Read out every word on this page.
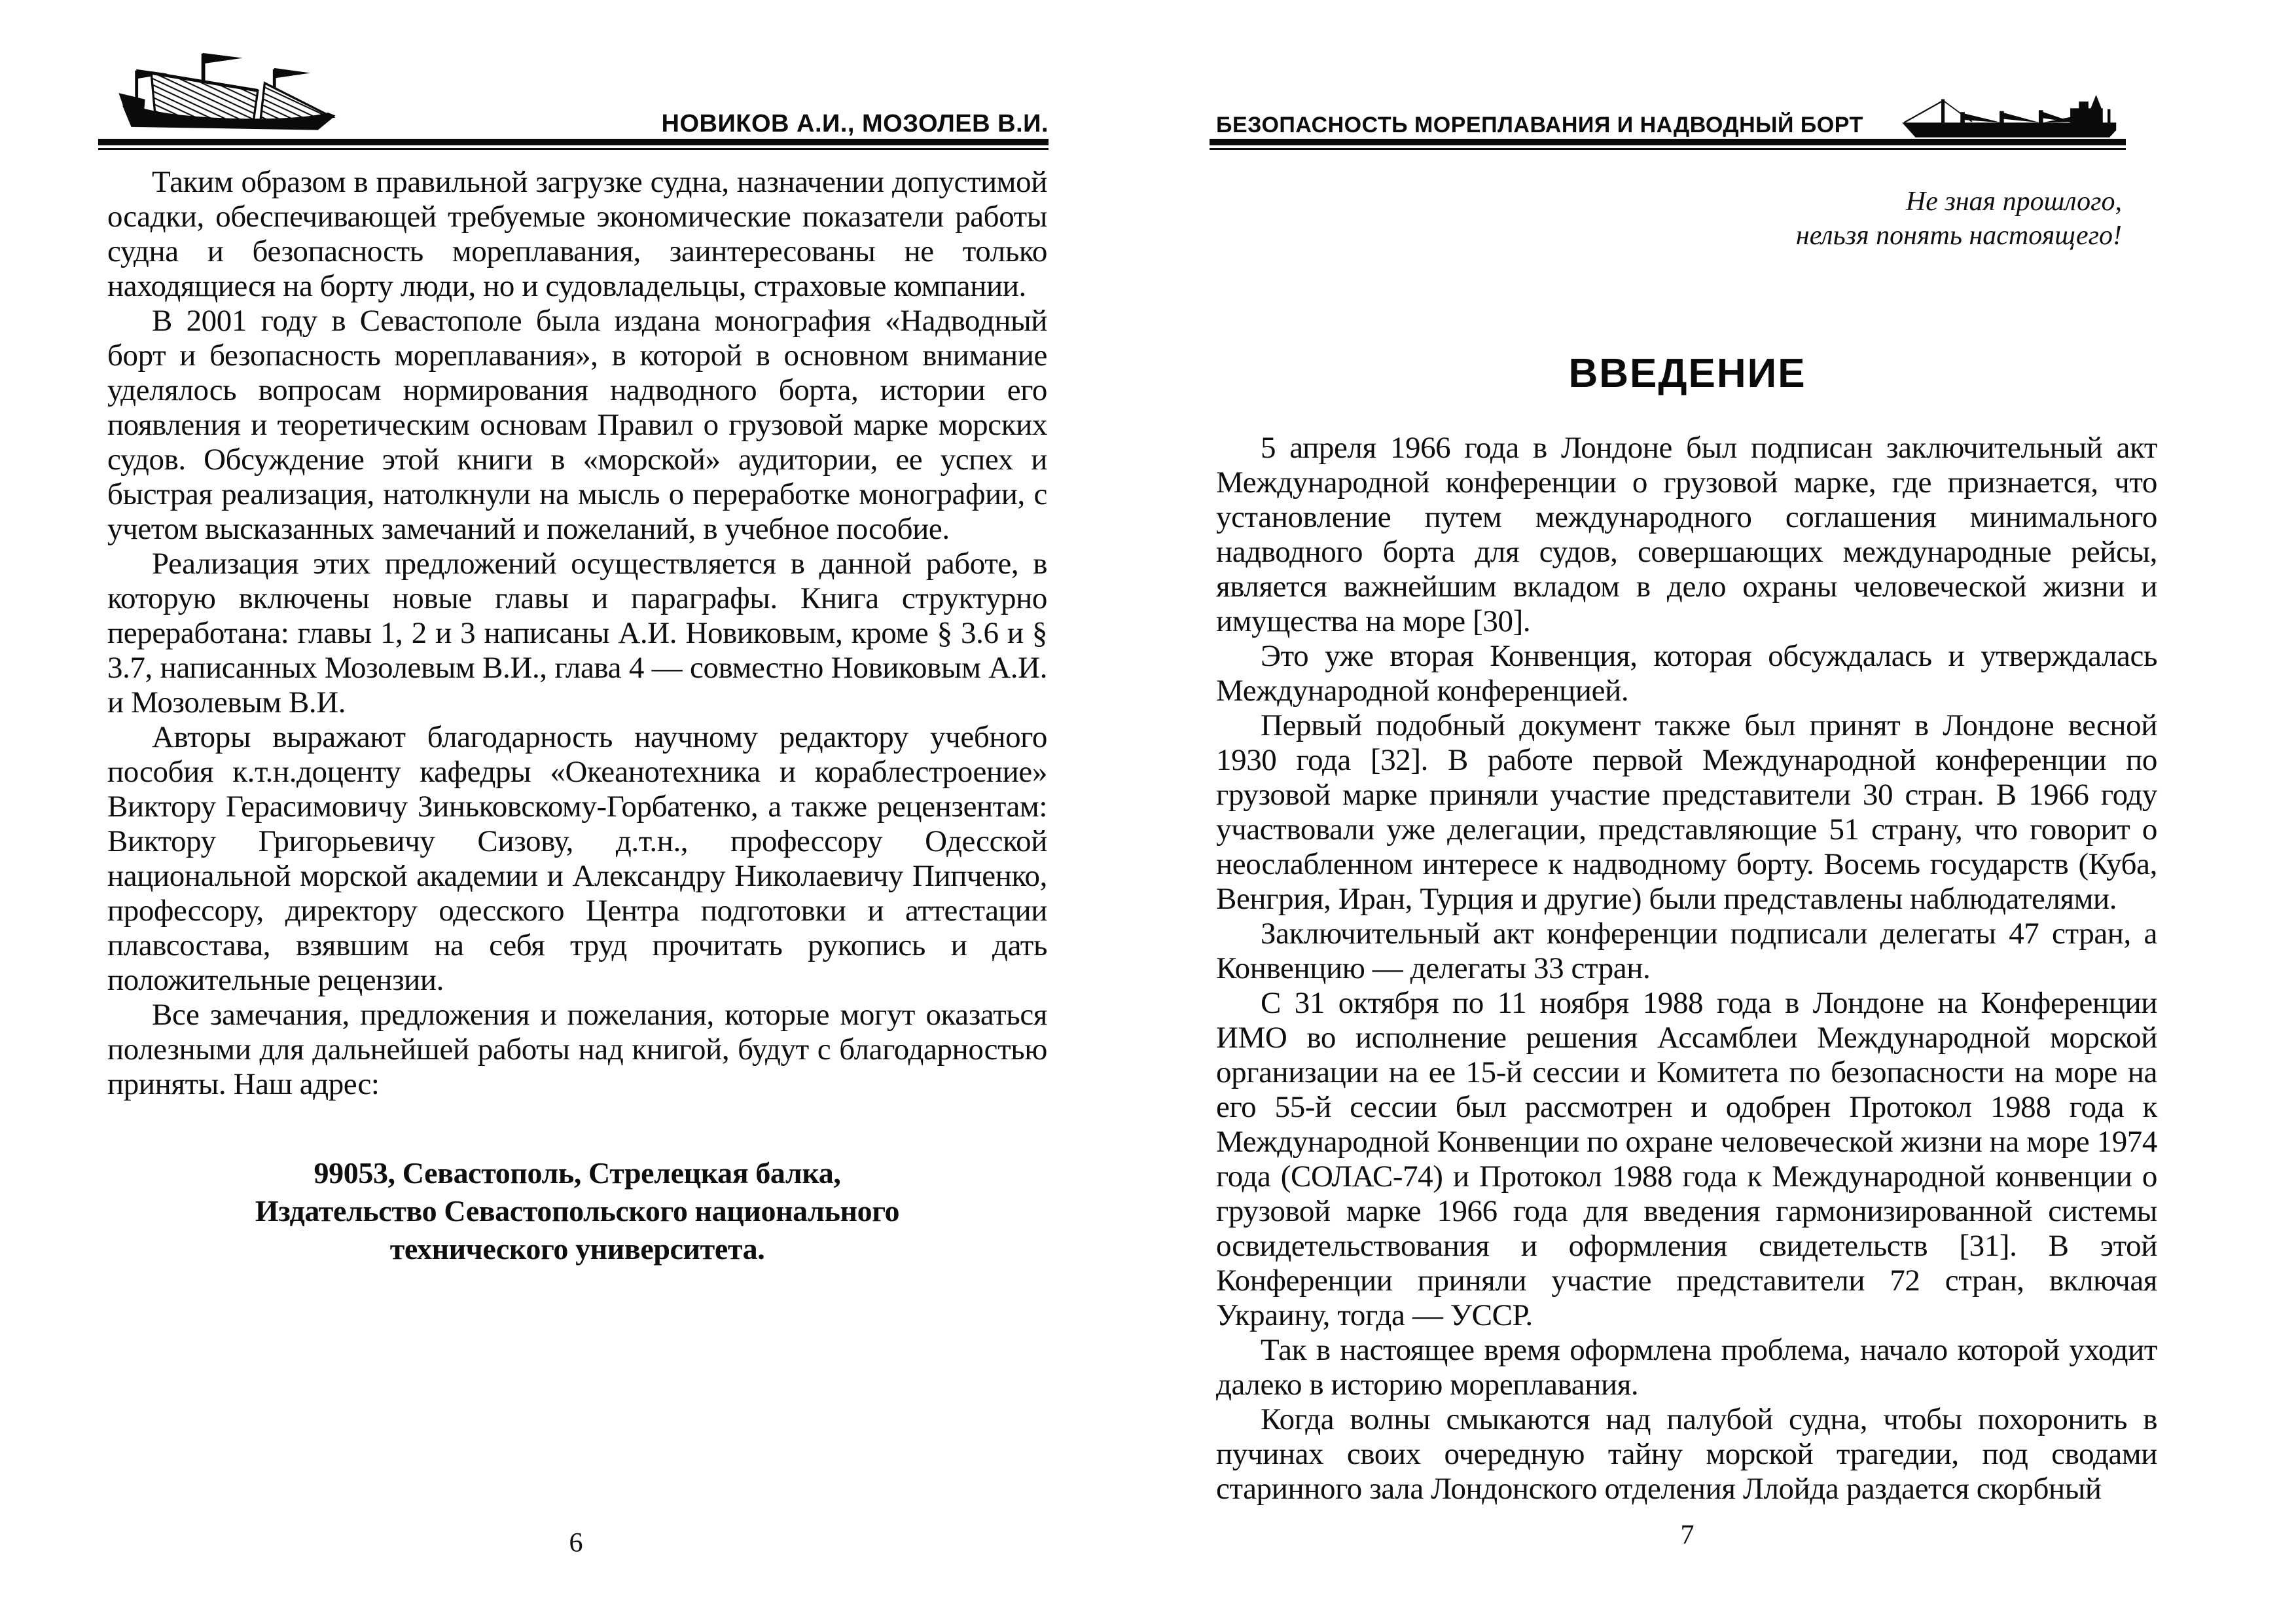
НОВИКОВ А.И., МОЗОЛЕВ В.И.

Таким образом в правильной загрузке судна, назначении допустимой осадки, обеспечивающей требуемые экономические показатели работы судна и безопасность мореплавания, заинтересованы не только находящиеся на борту люди, но и судовладельцы, страховые компании.

В 2001 году в Севастополе была издана монография «Надводный борт и безопасность мореплавания», в которой в основном внимание уделялось вопросам нормирования надводного борта, истории его появления и теоретическим основам Правил о грузовой марке морских судов. Обсуждение этой книги в «морской» аудитории, ее успех и быстрая реализация, натолкнули на мысль о переработке монографии, с учетом высказанных замечаний и пожеланий, в учебное пособие.

Реализация этих предложений осуществляется в данной работе, в которую включены новые главы и параграфы. Книга структурно переработана: главы 1, 2 и 3 написаны А.И. Новиковым, кроме § 3.6 и § 3.7, написанных Мозолевым В.И., глава 4 — совместно Новиковым А.И. и Мозолевым В.И.

Авторы выражают благодарность научному редактору учебного пособия к.т.н.доценту кафедры «Океанотехника и кораблестроение» Виктору Герасимовичу Зиньковскому-Горбатенко, а также рецензентам: Виктору Григорьевичу Сизову, д.т.н., профессору Одесской национальной морской академии и Александру Николаевичу Пипченко, профессору, директору одесского Центра подготовки и аттестации плавсостава, взявшим на себя труд прочитать рукопись и дать положительные рецензии.

Все замечания, предложения и пожелания, которые могут оказаться полезными для дальнейшей работы над книгой, будут с благодарностью приняты. Наш адрес:

99053, Севастополь, Стрелецкая балка,
Издательство Севастопольского национального
технического университета.
6
БЕЗОПАСНОСТЬ МОРЕПЛАВАНИЯ И НАДВОДНЫЙ БОРТ
Не зная прошлого,
нельзя понять настоящего!
ВВЕДЕНИЕ

5 апреля 1966 года в Лондоне был подписан заключительный акт Международной конференции о грузовой марке, где признается, что установление путем международного соглашения минимального надводного борта для судов, совершающих международные рейсы, является важнейшим вкладом в дело охраны человеческой жизни и имущества на море [30].

Это уже вторая Конвенция, которая обсуждалась и утверждалась Международной конференцией.

Первый подобный документ также был принят в Лондоне весной 1930 года [32]. В работе первой Международной конференции по грузовой марке приняли участие представители 30 стран. В 1966 году участвовали уже делегации, представляющие 51 страну, что говорит о неослабленном интересе к надводному борту. Восемь государств (Куба, Венгрия, Иран, Турция и другие) были представлены наблюдателями.

Заключительный акт конференции подписали делегаты 47 стран, а Конвенцию — делегаты 33 стран.

С 31 октября по 11 ноября 1988 года в Лондоне на Конференции ИМО во исполнение решения Ассамблеи Международной морской организации на ее 15-й сессии и Комитета по безопасности на море на его 55-й сессии был рассмотрен и одобрен Протокол 1988 года к Международной Конвенции по охране человеческой жизни на море 1974 года (СОЛАС-74) и Протокол 1988 года к Международной конвенции о грузовой марке 1966 года для введения гармонизированной системы освидетельствования и оформления свидетельств [31]. В этой Конференции приняли участие представители 72 стран, включая Украину, тогда — УССР.

Так в настоящее время оформлена проблема, начало которой уходит далеко в историю мореплавания.

Когда волны смыкаются над палубой судна, чтобы похоронить в пучинах своих очередную тайну морской трагедии, под сводами старинного зала Лондонского отделения Ллойда раздается скорбный

7
